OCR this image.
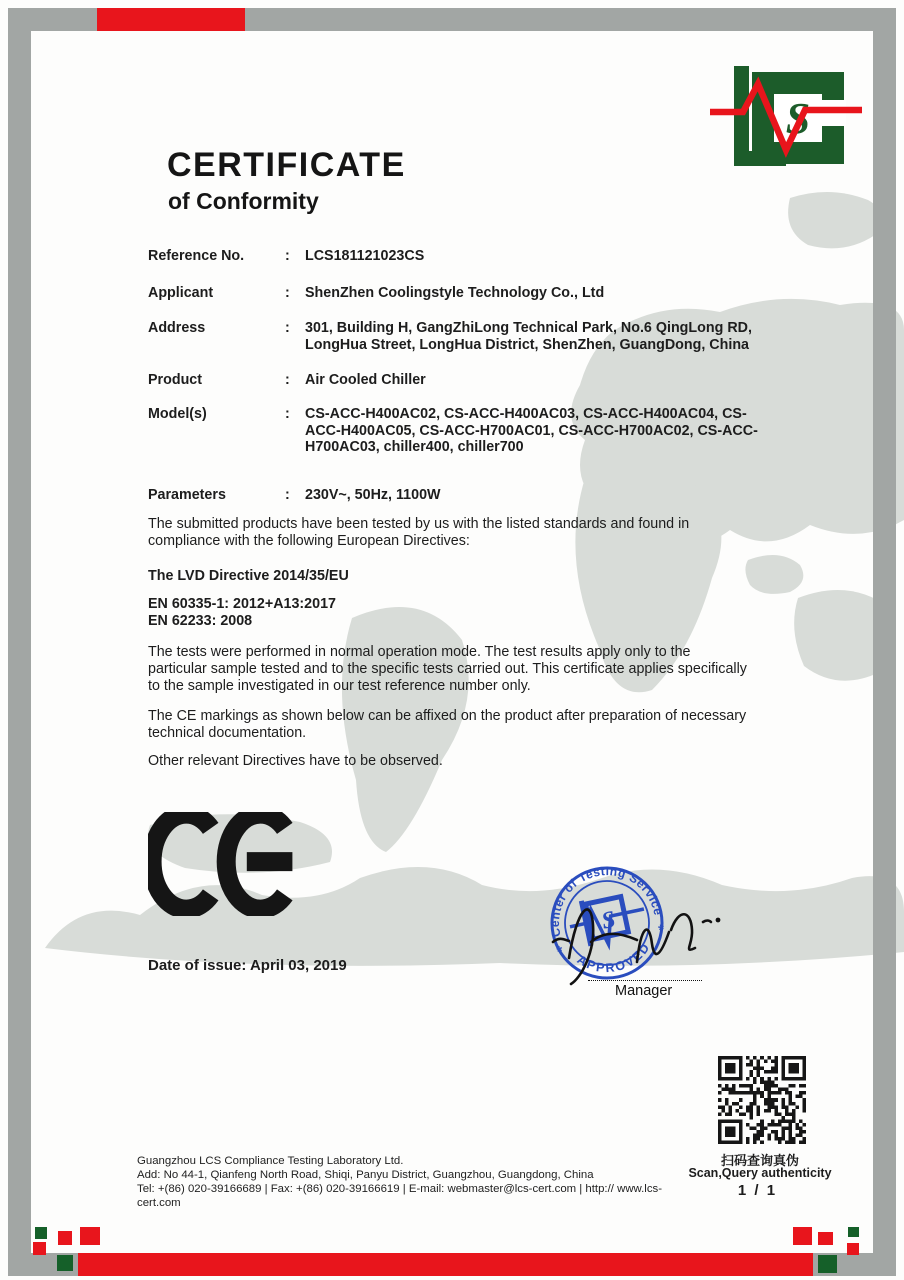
S
CERTIFICATE
of Conformity
Reference No.	: LCS181121023CS
Applicant	: ShenZhen Coolingstyle Technology Co., Ltd
Address	: 301, Building H, GangZhiLong Technical Park, No.6 QingLong RD, LongHua Street, LongHua District, ShenZhen, GuangDong, China
Product	: Air Cooled Chiller
Model(s)	: CS-ACC-H400AC02, CS-ACC-H400AC03, CS-ACC-H400AC04, CS-ACC-H400AC05, CS-ACC-H700AC01, CS-ACC-H700AC02, CS-ACC-H700AC03, chiller400, chiller700
Parameters	: 230V~, 50Hz, 1100W
The submitted products have been tested by us with the listed standards and found in compliance with the following European Directives:
The LVD Directive 2014/35/EU
EN 60335-1: 2012+A13:2017
EN 62233: 2008
The tests were performed in normal operation mode. The test results apply only to the particular sample tested and to the specific tests carried out. This certificate applies specifically to the sample investigated in our test reference number only.
The CE markings as shown below can be affixed on the product after preparation of necessary technical documentation.
Other relevant Directives have to be observed.
Date of issue: April 03, 2019
Center of Testing Service
APPROVED
*
*
S
Manager
扫码查询真伪
Scan,Query authenticity
1 / 1
Guangzhou LCS Compliance Testing Laboratory Ltd.
Add: No 44-1, Qianfeng North Road, Shiqi, Panyu District, Guangzhou, Guangdong, China
Tel: +(86) 020-39166689 | Fax: +(86) 020-39166619 | E-mail: webmaster@lcs-cert.com | http:// www.lcs-cert.com
